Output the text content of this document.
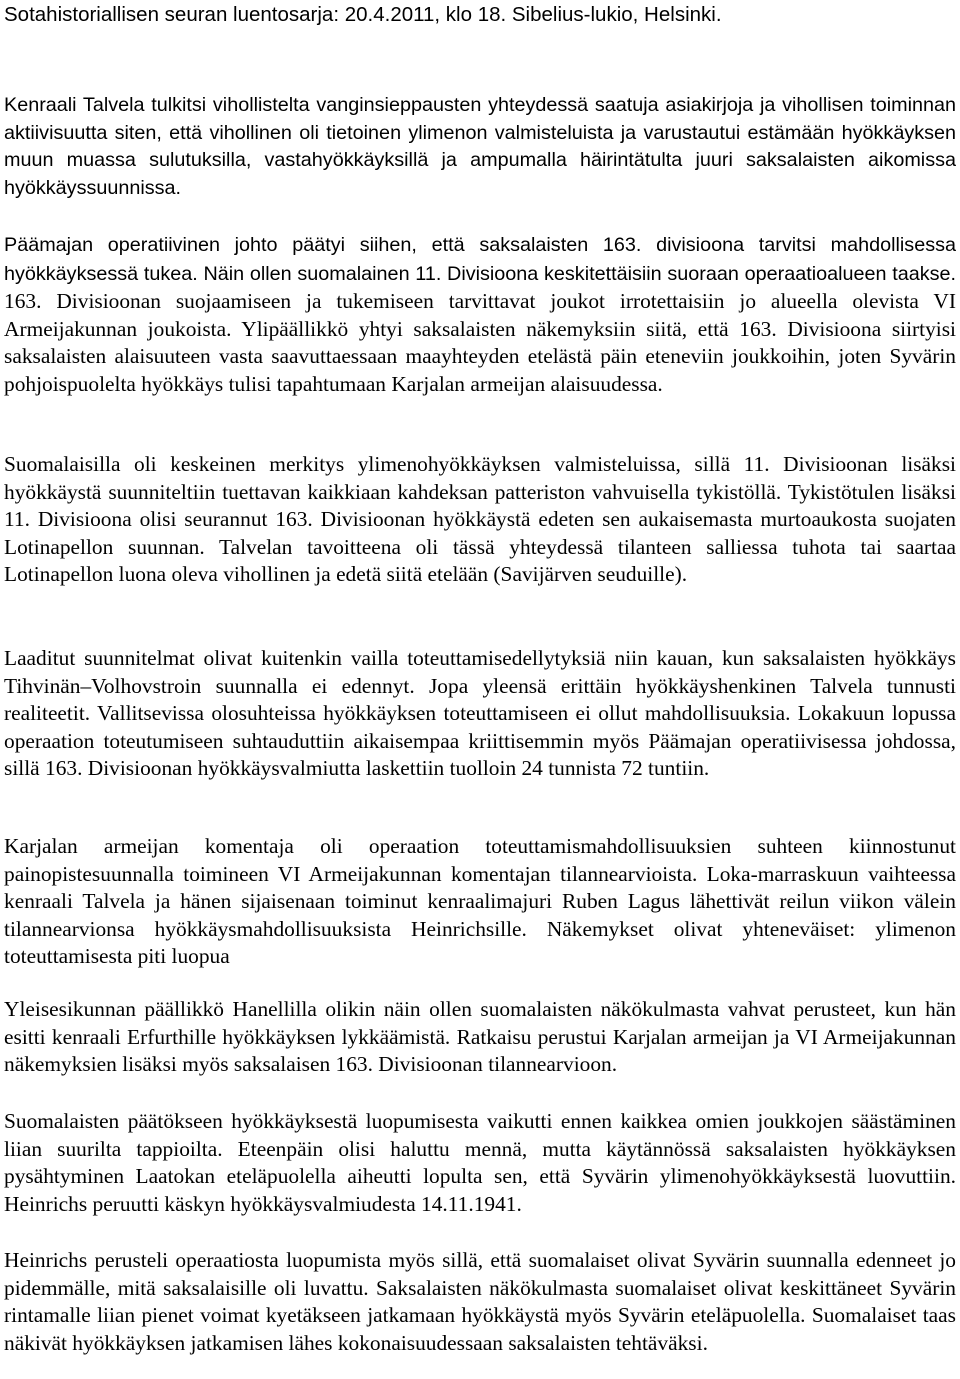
Sotahistoriallisen seuran luentosarja: 20.4.2011, klo 18. Sibelius-lukio, Helsinki.

Kenraali Talvela tulkitsi vihollistelta vanginsieppausten yhteydessä saatuja asiakirjoja ja vihollisen toiminnan aktiivisuutta siten, että vihollinen oli tietoinen ylimenon valmisteluista ja varustautui estämään hyökkäyksen muun muassa sulutuksilla, vastahyökkäyksillä ja ampumalla häirintätulta juuri saksalaisten aikomissa hyökkäyssuunnissa.

Päämajan operatiivinen johto päätyi siihen, että saksalaisten 163. divisioona tarvitsi mahdollisessa hyökkäyksessä tukea. Näin ollen suomalainen 11. Divisioona keskitettäisiin suoraan operaatioalueen taakse. 163. Divisioonan suojaamiseen ja tukemiseen tarvittavat joukot irrotettaisiin jo alueella olevista VI Armeijakunnan joukoista. Ylipäällikkö yhtyi saksalaisten näkemyksiin siitä, että 163. Divisioona siirtyisi saksalaisten alaisuuteen vasta saavuttaessaan maayhteyden etelästä päin eteneviin joukkoihin, joten Syvärin pohjoispuolelta hyökkäys tulisi tapahtumaan Karjalan armeijan alaisuudessa.

Suomalaisilla oli keskeinen merkitys ylimenohyökkäyksen valmisteluissa, sillä 11. Divisioonan lisäksi hyökkäystä suunniteltiin tuettavan kaikkiaan kahdeksan patteriston vahvuisella tykistöllä. Tykistötulen lisäksi 11. Divisioona olisi seurannut 163. Divisioonan hyökkäystä edeten sen aukaisemasta murtoaukosta suojaten Lotinapellon suunnan. Talvelan tavoitteena oli tässä yhteydessä tilanteen salliessa tuhota tai saartaa Lotinapellon luona oleva vihollinen ja edetä siitä etelään (Savijärven seuduille).

Laaditut suunnitelmat olivat kuitenkin vailla toteuttamisedellytyksiä niin kauan, kun saksalaisten hyökkäys Tihvinän–Volhovstroin suunnalla ei edennyt. Jopa yleensä erittäin hyökkäyshenkinen Talvela tunnusti realiteetit. Vallitsevissa olosuhteissa hyökkäyksen toteuttamiseen ei ollut mahdollisuuksia. Lokakuun lopussa operaation toteutumiseen suhtauduttiin aikaisempaa kriittisemmin myös Päämajan operatiivisessa johdossa, sillä 163. Divisioonan hyökkäysvalmiutta laskettiin tuolloin 24 tunnista 72 tuntiin.

Karjalan armeijan komentaja oli operaation toteuttamismahdollisuuksien suhteen kiinnostunut painopistesuunnalla toimineen VI Armeijakunnan komentajan tilannearvioista. Loka-marraskuun vaihteessa kenraali Talvela ja hänen sijaisenaan toiminut kenraalimajuri Ruben Lagus lähettivät reilun viikon välein tilannearvionsa hyökkäysmahdollisuuksista Heinrichsille. Näkemykset olivat yhteneväiset: ylimenon toteuttamisesta piti luopua

Yleisesikunnan päällikkö Hanellilla olikin näin ollen suomalaisten näkökulmasta vahvat perusteet, kun hän esitti kenraali Erfurthille hyökkäyksen lykkäämistä. Ratkaisu perustui Karjalan armeijan ja VI Armeijakunnan näkemyksien lisäksi myös saksalaisen 163. Divisioonan tilannearvioon.

Suomalaisten päätökseen hyökkäyksestä luopumisesta vaikutti ennen kaikkea omien joukkojen säästäminen liian suurilta tappioilta. Eteenpäin olisi haluttu mennä, mutta käytännössä saksalaisten hyökkäyksen pysähtyminen Laatokan eteläpuolella aiheutti lopulta sen, että Syvärin ylimenohyökkäyksestä luovuttiin. Heinrichs peruutti käskyn hyökkäysvalmiudesta 14.11.1941.

Heinrichs perusteli operaatiosta luopumista myös sillä, että suomalaiset olivat Syvärin suunnalla edenneet jo pidemmälle, mitä saksalaisille oli luvattu. Saksalaisten näkökulmasta suomalaiset olivat keskittäneet Syvärin rintamalle liian pienet voimat kyetäkseen jatkamaan hyökkäystä myös Syvärin eteläpuolella. Suomalaiset taas näkivät hyökkäyksen jatkamisen lähes kokonaisuudessaan saksalaisten tehtäväksi.
